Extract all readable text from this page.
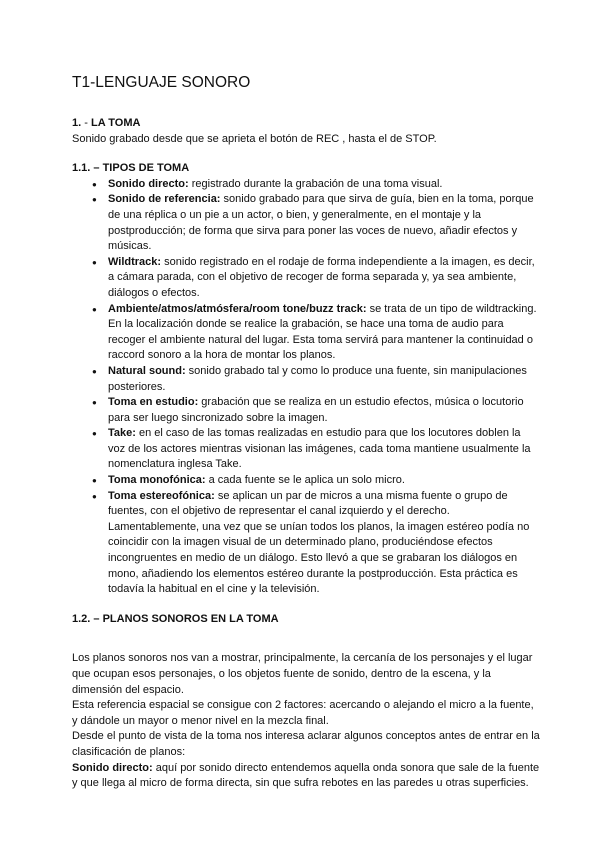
T1-LENGUAJE SONORO

1. - LA TOMA

Sonido grabado desde que se aprieta el botón de REC , hasta el de STOP.

1.1. – TIPOS DE TOMA

● Sonido directo: registrado durante la grabación de una toma visual.
● Sonido de referencia: sonido grabado para que sirva de guía, bien en la toma, porque de una réplica o un pie a un actor, o bien, y generalmente, en el montaje y la postproducción; de forma que sirva para poner las voces de nuevo, añadir efectos y músicas.
● Wildtrack: sonido registrado en el rodaje de forma independiente a la imagen, es decir, a cámara parada, con el objetivo de recoger de forma separada y, ya sea ambiente, diálogos o efectos.
● Ambiente/atmos/atmósfera/room tone/buzz track: se trata de un tipo de wildtracking. En la localización donde se realice la grabación, se hace una toma de audio para recoger el ambiente natural del lugar. Esta toma servirá para mantener la continuidad o raccord sonoro a la hora de montar los planos.
● Natural sound: sonido grabado tal y como lo produce una fuente, sin manipulaciones posteriores.
● Toma en estudio: grabación que se realiza en un estudio efectos, música o locutorio para ser luego sincronizado sobre la imagen.
● Take: en el caso de las tomas realizadas en estudio para que los locutores doblen la voz de los actores mientras visionan las imágenes, cada toma mantiene usualmente la nomenclatura inglesa Take.
● Toma monofónica: a cada fuente se le aplica un solo micro.
● Toma estereofónica: se aplican un par de micros a una misma fuente o grupo de fuentes, con el objetivo de representar el canal izquierdo y el derecho. Lamentablemente, una vez que se unían todos los planos, la imagen estéreo podía no coincidir con la imagen visual de un determinado plano, produciéndose efectos incongruentes en medio de un diálogo. Esto llevó a que se grabaran los diálogos en mono, añadiendo los elementos estéreo durante la postproducción. Esta práctica es todavía la habitual en el cine y la televisión.

1.2. – PLANOS SONOROS EN LA TOMA

Los planos sonoros nos van a mostrar, principalmente, la cercanía de los personajes y el lugar que ocupan esos personajes, o los objetos fuente de sonido, dentro de la escena, y la dimensión del espacio.

Esta referencia espacial se consigue con 2 factores: acercando o alejando el micro a la fuente, y dándole un mayor o menor nivel en la mezcla final.

Desde el punto de vista de la toma nos interesa aclarar algunos conceptos antes de entrar en la clasificación de planos:

Sonido directo: aquí por sonido directo entendemos aquella onda sonora que sale de la fuente y que llega al micro de forma directa, sin que sufra rebotes en las paredes u otras superficies.
